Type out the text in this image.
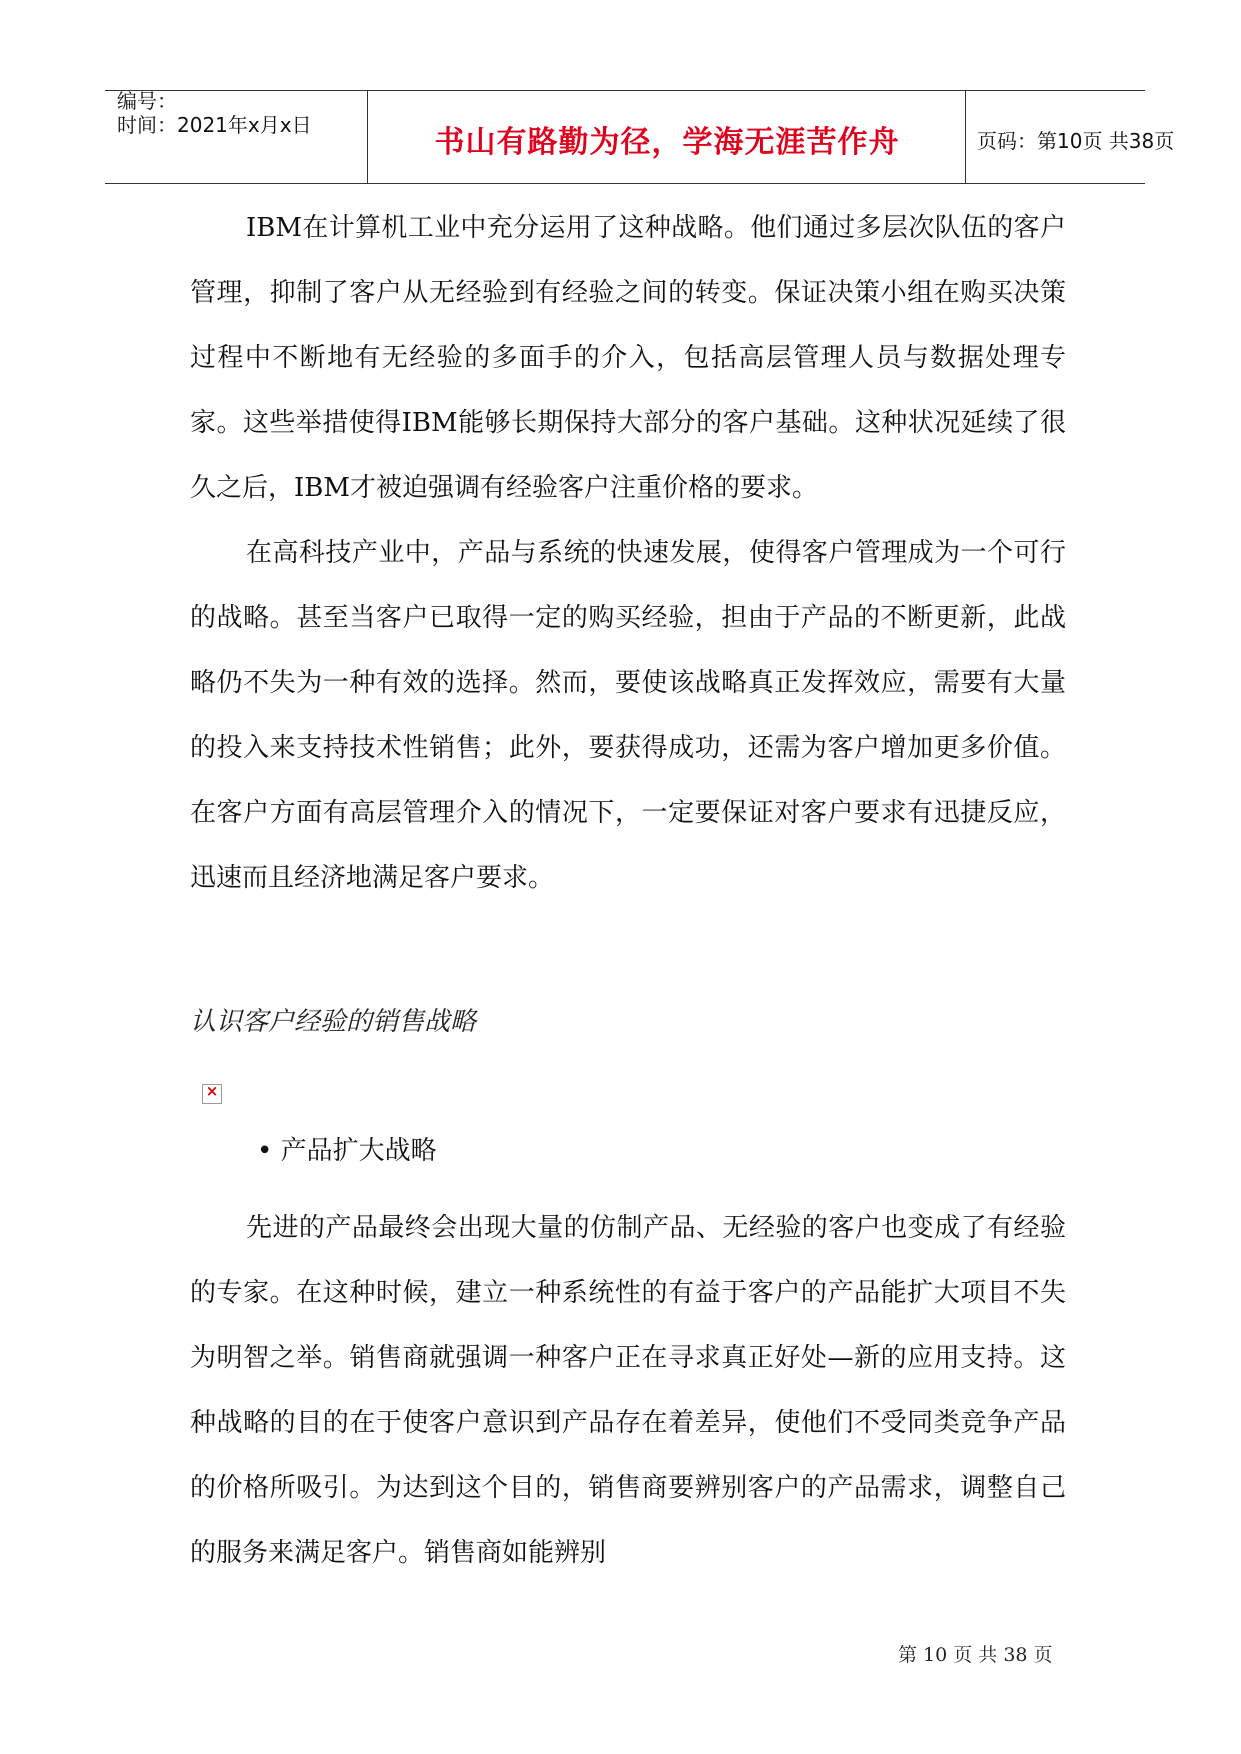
编号：
时间：2021年x月x日	书山有路勤为径，学海无涯苦作舟	页码：第10页 共38页

IBM在计算机工业中充分运用了这种战略。他们通过多层次队伍的客户管理，抑制了客户从无经验到有经验之间的转变。保证决策小组在购买决策过程中不断地有无经验的多面手的介入，包括高层管理人员与数据处理专家。这些举措使得IBM能够长期保持大部分的客户基础。这种状况延续了很久之后，IBM才被迫强调有经验客户注重价格的要求。

在高科技产业中，产品与系统的快速发展，使得客户管理成为一个可行的战略。甚至当客户已取得一定的购买经验，担由于产品的不断更新，此战略仍不失为一种有效的选择。然而，要使该战略真正发挥效应，需要有大量的投入来支持技术性销售；此外，要获得成功，还需为客户增加更多价值。在客户方面有高层管理介入的情况下，一定要保证对客户要求有迅捷反应，迅速而且经济地满足客户要求。

认识客户经验的销售战略
×
• 产品扩大战略

先进的产品最终会出现大量的仿制产品、无经验的客户也变成了有经验的专家。在这种时候，建立一种系统性的有益于客户的产品能扩大项目不失为明智之举。销售商就强调一种客户正在寻求真正好处—新的应用支持。这种战略的目的在于使客户意识到产品存在着差异，使他们不受同类竞争产品的价格所吸引。为达到这个目的，销售商要辨别客户的产品需求，调整自己的服务来满足客户。销售商如能辨别

第 10 页 共 38 页
